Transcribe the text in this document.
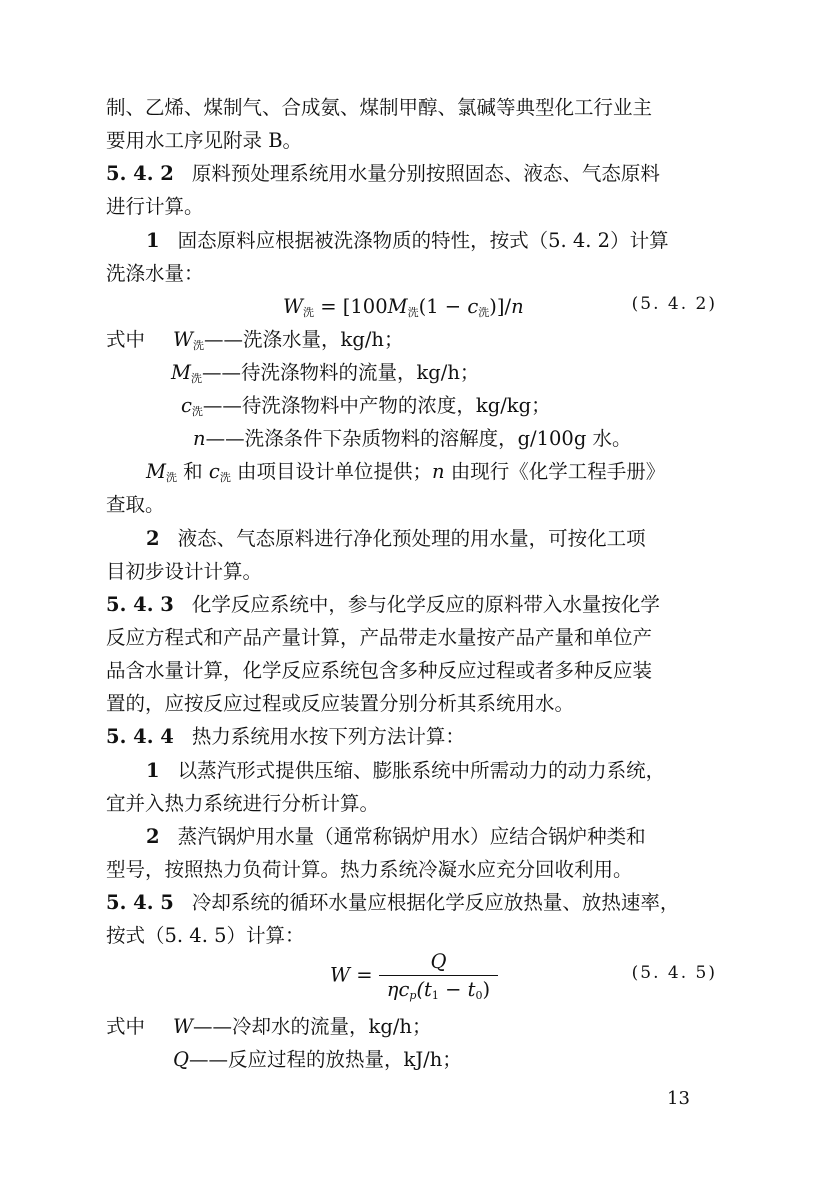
制、乙烯、煤制气、合成氨、煤制甲醇、氯碱等典型化工行业主
要用水工序见附录 B。
5. 4. 2 原料预处理系统用水量分别按照固态、液态、气态原料
进行计算。
1 固态原料应根据被洗涤物质的特性，按式（5. 4. 2）计算
洗涤水量：
$W_洗 = [100M_洗(1 - c_洗)]/n$	(5. 4. 2)
式中 $W_洗——$洗涤水量，kg/h；
$M_洗——$待洗涤物料的流量，kg/h；
$c_洗——$待洗涤物料中产物的浓度，kg/kg；
n——洗涤条件下杂质物料的溶解度，g/100g 水。
$M_洗$ 和 $c_洗$ 由项目设计单位提供；n 由现行《化学工程手册》
查取。
2 液态、气态原料进行净化预处理的用水量，可按化工项
目初步设计计算。
5. 4. 3 化学反应系统中，参与化学反应的原料带入水量按化学
反应方程式和产品产量计算，产品带走水量按产品产量和单位产
品含水量计算，化学反应系统包含多种反应过程或者多种反应装
置的，应按反应过程或反应装置分别分析其系统用水。
5. 4. 4 热力系统用水按下列方法计算：
1 以蒸汽形式提供压缩、膨胀系统中所需动力的动力系统，
宜并入热力系统进行分析计算。
2 蒸汽锅炉用水量（通常称锅炉用水）应结合锅炉种类和
型号，按照热力负荷计算。热力系统冷凝水应充分回收利用。
5. 4. 5 冷却系统的循环水量应根据化学反应放热量、放热速率，
按式（5. 4. 5）计算：
$W = \frac{Q}{\eta c_p(t_1 - t_0)}$	(5. 4. 5)
式中 W——冷却水的流量，kg/h；
Q——反应过程的放热量，kJ/h；
13
